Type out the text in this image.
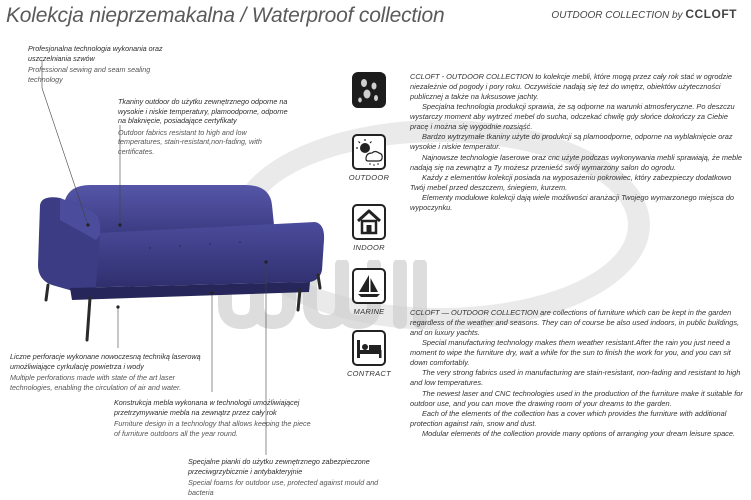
Kolekcja nieprzemakalna / Waterproof collection	OUTDOOR COLLECTION by CCLOFT
Profesjonalna technologia wykonania oraz uszczelniania szwów
Professional sewing and seam sealing technology
Tkaniny outdoor do użytku zewnętrznego odporne na wysokie i niskie temperatury, plamoodporne, odporne na blaknięcie, posiadające certyfikaty
Outdoor fabrics resistant to high and low temperatures, stain-resistant,non-fading, with certificates.
Liczne perforacje wykonane nowoczesną techniką laserową umożliwiające cyrkulację powietrza i wody
Multiple perforations made with state of the art laser technologies, enabling the circulation of air and water.
Konstrukcja mebla wykonana w technologii umożliwiającej przetrzymywanie mebla na zewnątrz przez cały rok
Furniture design in a technology that allows keeping the piece of furniture outdoors all the year round.
Specjalne pianki do użytku zewnętrznego zabezpieczone przeciwgrzybicznie i antybakteryjnie
Special foams for outdoor use, protected against mould and bacteria
OUTDOOR
INDOOR
MARINE
CONTRACT

CCLOFT - OUTDOOR COLLECTION to kolekcje mebli, które mogą przez cały rok stać w ogrodzie niezależnie od pogody i pory roku. Oczywiście nadają się też do wnętrz, obiektów użyteczności publicznej a także na luksusowe jachty.

Specjalna technologia produkcji sprawia, że są odporne na warunki atmosferyczne. Po deszczu wystarczy moment aby wytrzeć mebel do sucha, odczekać chwilę gdy słońce dokończy za Ciebie pracę i można się wygodnie rozsiąść.

Bardzo wytrzymałe tkaniny użyte do produkcji są plamoodporne, odporne na wyblaknięcie oraz wysokie i niskie temperatur.

Najnowsze technologie laserowe oraz cnc użyte podczas wykonywania mebli sprawiają, że meble nadają się na zewnątrz a Ty możesz przenieść swój wymarzony salon do ogrodu.

Każdy z elementów kolekcji posiada na wyposażeniu pokrowiec, który zabezpieczy dodatkowo Twój mebel przed deszczem, śniegiem, kurzem.

Elementy modułowe kolekcji dają wiele możliwości aranżacji Twojego wymarzonego miejsca do wypoczynku.

CCLOFT — OUTDOOR COLLECTION are collections of furniture which can be kept in the garden regardless of the weather and seasons. They can of course be also used indoors, in public buildings, and on luxury yachts.

Special manufacturing technology makes them weather resistant.After the rain you just need a moment to wipe the furniture dry, wait a while for the sun to finish the work for you, and you can sit down comfortably.

The very strong fabrics used in manufacturing are stain-resistant, non-fading and resistant to high and low temperatures.

The newest laser and CNC technologies used in the production of the furniture make it suitable for outdoor use, and you can move the drawing room of your dreams to the garden.

Each of the elements of the collection has a cover which provides the furniture with additional protection against rain, snow and dust.

Modular elements of the collection provide many options of arranging your dream leisure space.
